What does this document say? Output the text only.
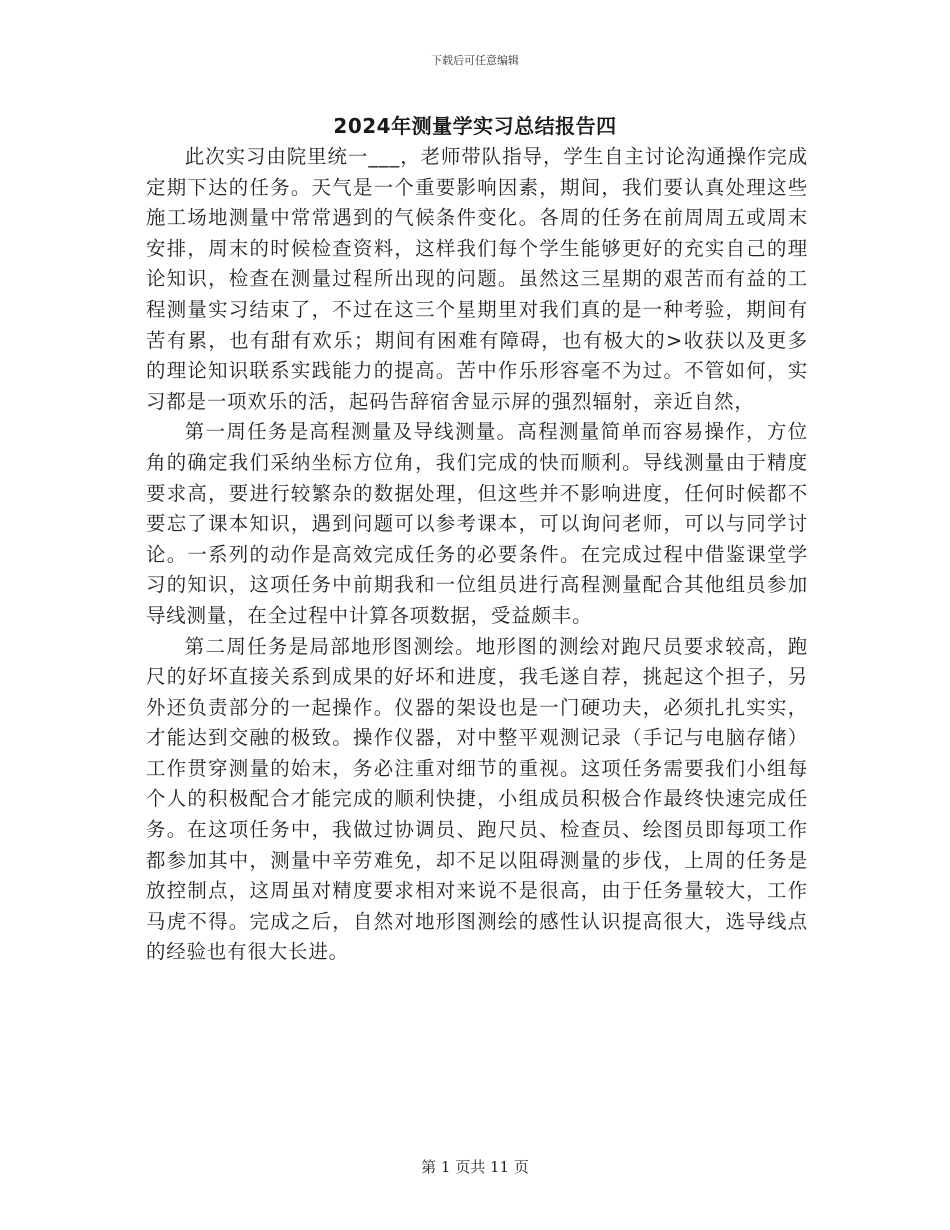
下载后可任意编辑
2024年测量学实习总结报告四

此次实习由院里统一___，老师带队指导，学生自主讨论沟通操作完成定期下达的任务。天气是一个重要影响因素，期间，我们要认真处理这些施工场地测量中常常遇到的气候条件变化。各周的任务在前周周五或周末安排，周末的时候检查资料，这样我们每个学生能够更好的充实自己的理论知识，检查在测量过程所出现的问题。虽然这三星期的艰苦而有益的工程测量实习结束了，不过在这三个星期里对我们真的是一种考验，期间有苦有累，也有甜有欢乐；期间有困难有障碍，也有极大的>收获以及更多的理论知识联系实践能力的提高。苦中作乐形容毫不为过。不管如何，实习都是一项欢乐的活，起码告辞宿舍显示屏的强烈辐射，亲近自然，

第一周任务是高程测量及导线测量。高程测量简单而容易操作，方位角的确定我们采纳坐标方位角，我们完成的快而顺利。导线测量由于精度要求高，要进行较繁杂的数据处理，但这些并不影响进度，任何时候都不要忘了课本知识，遇到问题可以参考课本，可以询问老师，可以与同学讨论。一系列的动作是高效完成任务的必要条件。在完成过程中借鉴课堂学习的知识，这项任务中前期我和一位组员进行高程测量配合其他组员参加导线测量，在全过程中计算各项数据，受益颇丰。

第二周任务是局部地形图测绘。地形图的测绘对跑尺员要求较高，跑尺的好坏直接关系到成果的好坏和进度，我毛遂自荐，挑起这个担子，另外还负责部分的一起操作。仪器的架设也是一门硬功夫，必须扎扎实实，才能达到交融的极致。操作仪器，对中整平观测记录（手记与电脑存储）工作贯穿测量的始末，务必注重对细节的重视。这项任务需要我们小组每个人的积极配合才能完成的顺利快捷，小组成员积极合作最终快速完成任务。在这项任务中，我做过协调员、跑尺员、检查员、绘图员即每项工作都参加其中，测量中辛劳难免，却不足以阻碍测量的步伐，上周的任务是放控制点，这周虽对精度要求相对来说不是很高，由于任务量较大，工作马虎不得。完成之后，自然对地形图测绘的感性认识提高很大，选导线点的经验也有很大长进。

第 1 页共 11 页
